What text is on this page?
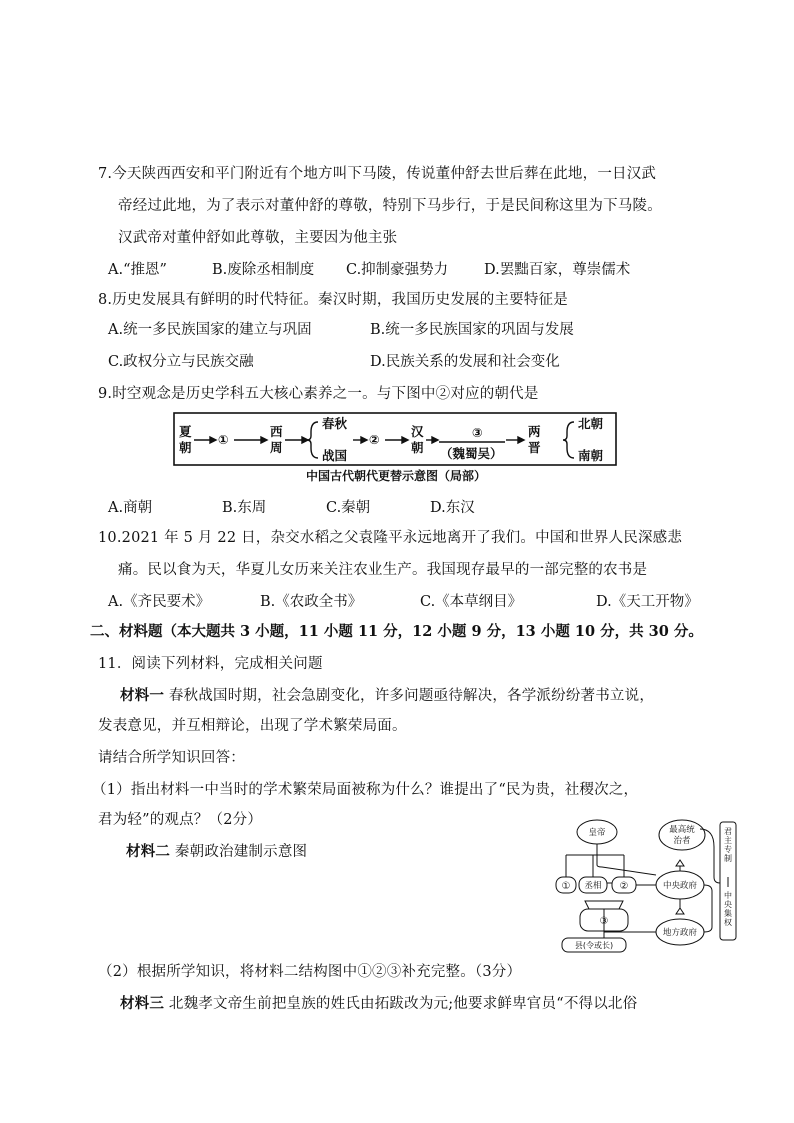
7.今天陕西西安和平门附近有个地方叫下马陵，传说董仲舒去世后葬在此地，一日汉武
帝经过此地，为了表示对董仲舒的尊敬，特别下马步行，于是民间称这里为下马陵。
汉武帝对董仲舒如此尊敬，主要因为他主张
A.“推恩”	B.废除丞相制度 C.抑制豪强势力 D.罢黜百家，尊崇儒术
8.历史发展具有鲜明的时代特征。秦汉时期，我国历史发展的主要特征是
A.统一多民族国家的建立与巩固	B.统一多民族国家的巩固与发展
C.政权分立与民族交融	D.民族关系的发展和社会变化
9.时空观念是历史学科五大核心素养之一。与下图中②对应的朝代是
夏
朝
①
西
周
春秋
战国
②
汉
朝
③
（魏蜀吴）
两
晋
北朝
南朝
中国古代朝代更替示意图（局部）
A.商朝	B.东周	C.秦朝	D.东汉
10.2021 年 5 月 22 日，杂交水稻之父袁隆平永远地离开了我们。中国和世界人民深感悲
痛。民以食为天，华夏儿女历来关注农业生产。我国现存最早的一部完整的农书是
A.《齐民要术》	B.《农政全书》	C.《本草纲目》	D.《天工开物》
二、材料题（本大题共 3 小题，11 小题 11 分，12 小题 9 分，13 小题 10 分，共 30 分。
11．阅读下列材料，完成相关问题
材料一 春秋战国时期，社会急剧变化，许多问题亟待解决，各学派纷纷著书立说，
发表意见，并互相辩论，出现了学术繁荣局面。
请结合所学知识回答：
（1）指出材料一中当时的学术繁荣局面被称为什么？谁提出了“民为贵，社稷次之，
君为轻”的观点？（2分）
材料二 秦朝政治建制示意图
皇帝	最高统
治者
① 丞相 ②	中央政府
③
地方政府
县(令或长)
君主专制
中央集权
（2）根据所学知识，将材料二结构图中①②③补充完整。（3分）
材料三 北魏孝文帝生前把皇族的姓氏由拓跋改为元;他要求鲜卑官员“不得以北俗
